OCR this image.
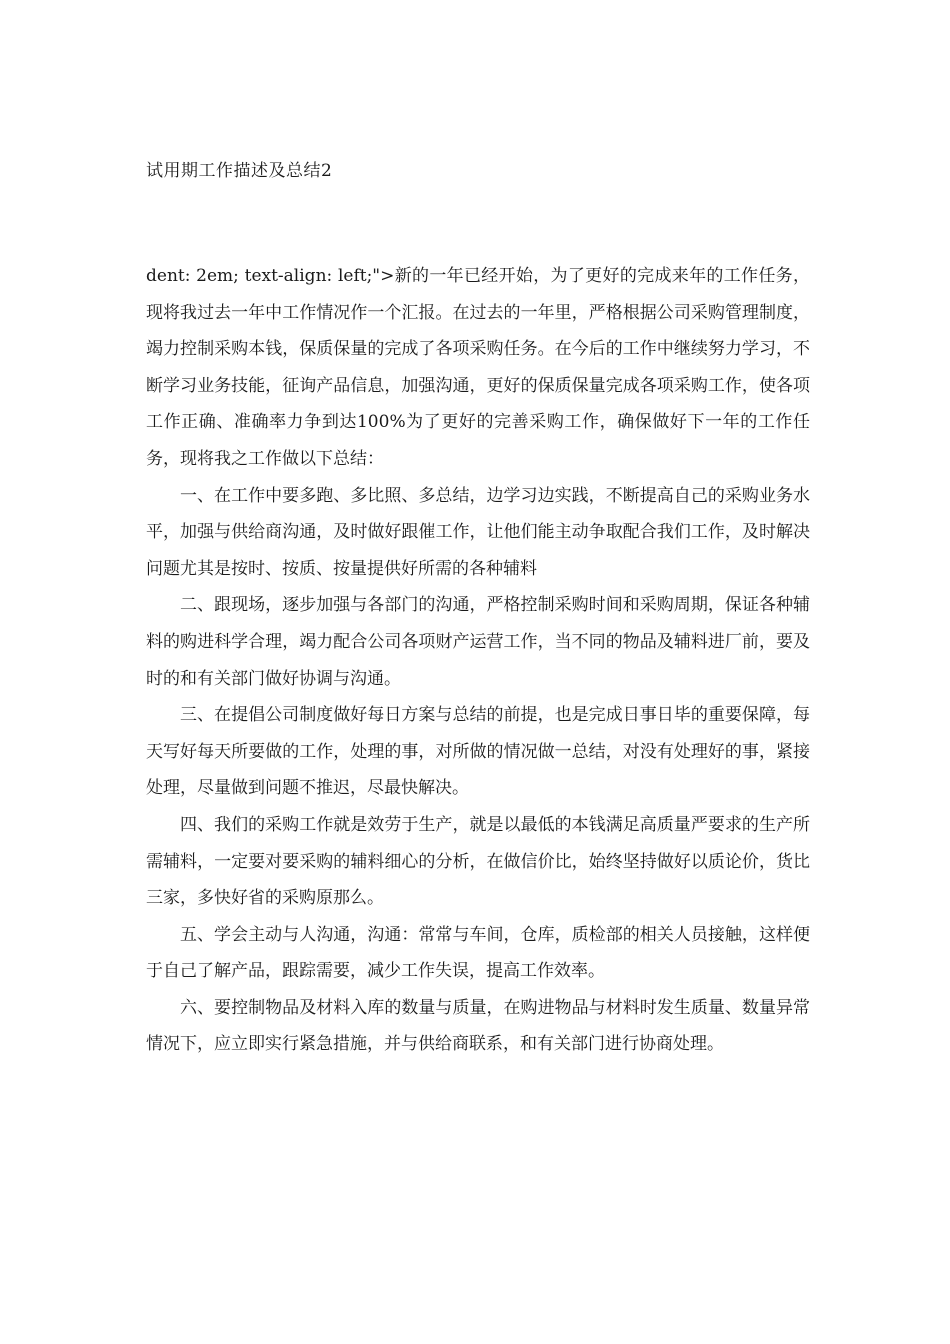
试用期工作描述及总结2

dent: 2em; text-align: left;">新的一年已经开始，为了更好的完成来年的工作任务，现将我过去一年中工作情况作一个汇报。在过去的一年里，严格根据公司采购管理制度，竭力控制采购本钱，保质保量的完成了各项采购任务。在今后的工作中继续努力学习，不断学习业务技能，征询产品信息，加强沟通，更好的保质保量完成各项采购工作，使各项工作正确、准确率力争到达100%为了更好的完善采购工作，确保做好下一年的工作任务，现将我之工作做以下总结：

一、在工作中要多跑、多比照、多总结，边学习边实践，不断提高自己的采购业务水平，加强与供给商沟通，及时做好跟催工作，让他们能主动争取配合我们工作，及时解决问题尤其是按时、按质、按量提供好所需的各种辅料

二、跟现场，逐步加强与各部门的沟通，严格控制采购时间和采购周期，保证各种辅料的购进科学合理，竭力配合公司各项财产运营工作，当不同的物品及辅料进厂前，要及时的和有关部门做好协调与沟通。

三、在提倡公司制度做好每日方案与总结的前提，也是完成日事日毕的重要保障，每天写好每天所要做的工作，处理的事，对所做的情况做一总结，对没有处理好的事，紧接处理，尽量做到问题不推迟，尽最快解决。

四、我们的采购工作就是效劳于生产，就是以最低的本钱满足高质量严要求的生产所需辅料，一定要对要采购的辅料细心的分析，在做信价比，始终坚持做好以质论价，货比三家，多快好省的采购原那么。

五、学会主动与人沟通，沟通：常常与车间，仓库，质检部的相关人员接触，这样便于自己了解产品，跟踪需要，减少工作失误，提高工作效率。

六、要控制物品及材料入库的数量与质量，在购进物品与材料时发生质量、数量异常情况下，应立即实行紧急措施，并与供给商联系，和有关部门进行协商处理。
